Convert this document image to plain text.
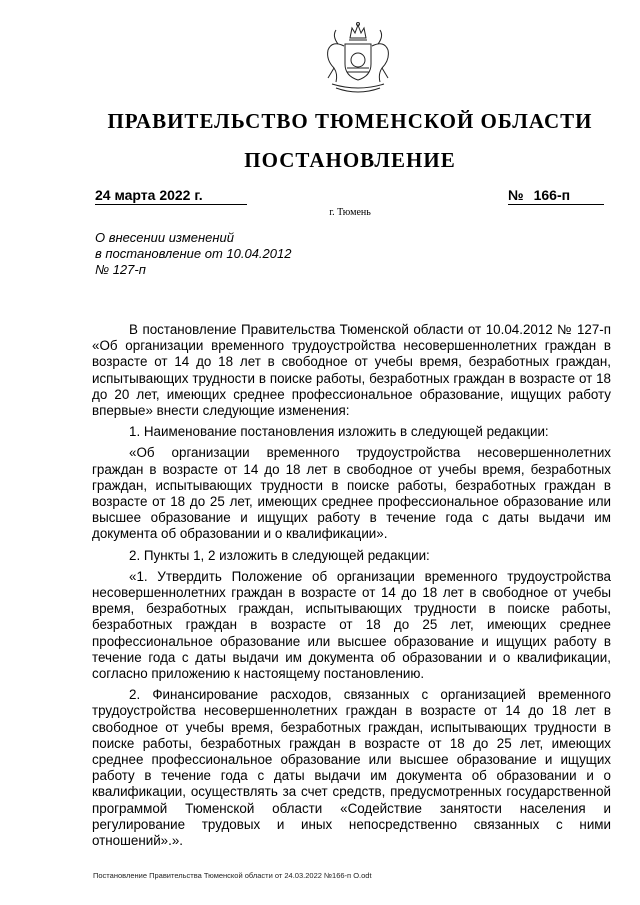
ПРАВИТЕЛЬСТВО ТЮМЕНСКОЙ ОБЛАСТИ
ПОСТАНОВЛЕНИЕ
24 марта 2022 г.	№ 166-п
г. Тюмень
О внесении изменений
в постановление от 10.04.2012
№ 127-п

В постановление Правительства Тюменской области от 10.04.2012 № 127-п «Об организации временного трудоустройства несовершеннолетних граждан в возрасте от 14 до 18 лет в свободное от учебы время, безработных граждан, испытывающих трудности в поиске работы, безработных граждан в возрасте от 18 до 20 лет, имеющих среднее профессиональное образование, ищущих работу впервые» внести следующие изменения:

1. Наименование постановления изложить в следующей редакции:

«Об организации временного трудоустройства несовершеннолетних граждан в возрасте от 14 до 18 лет в свободное от учебы время, безработных граждан, испытывающих трудности в поиске работы, безработных граждан в возрасте от 18 до 25 лет, имеющих среднее профессиональное образование или высшее образование и ищущих работу в течение года с даты выдачи им документа об образовании и о квалификации».

2. Пункты 1, 2 изложить в следующей редакции:

«1. Утвердить Положение об организации временного трудоустройства несовершеннолетних граждан в возрасте от 14 до 18 лет в свободное от учебы время, безработных граждан, испытывающих трудности в поиске работы, безработных граждан в возрасте от 18 до 25 лет, имеющих среднее профессиональное образование или высшее образование и ищущих работу в течение года с даты выдачи им документа об образовании и о квалификации, согласно приложению к настоящему постановлению.

2. Финансирование расходов, связанных с организацией временного трудоустройства несовершеннолетних граждан в возрасте от 14 до 18 лет в свободное от учебы время, безработных граждан, испытывающих трудности в поиске работы, безработных граждан в возрасте от 18 до 25 лет, имеющих среднее профессиональное образование или высшее образование и ищущих работу в течение года с даты выдачи им документа об образовании и о квалификации, осуществлять за счет средств, предусмотренных государственной программой Тюменской области «Содействие занятости населения и регулирование трудовых и иных непосредственно связанных с ними отношений».».

Постановление Правительства Тюменской области от 24.03.2022 №166-п O.odt
